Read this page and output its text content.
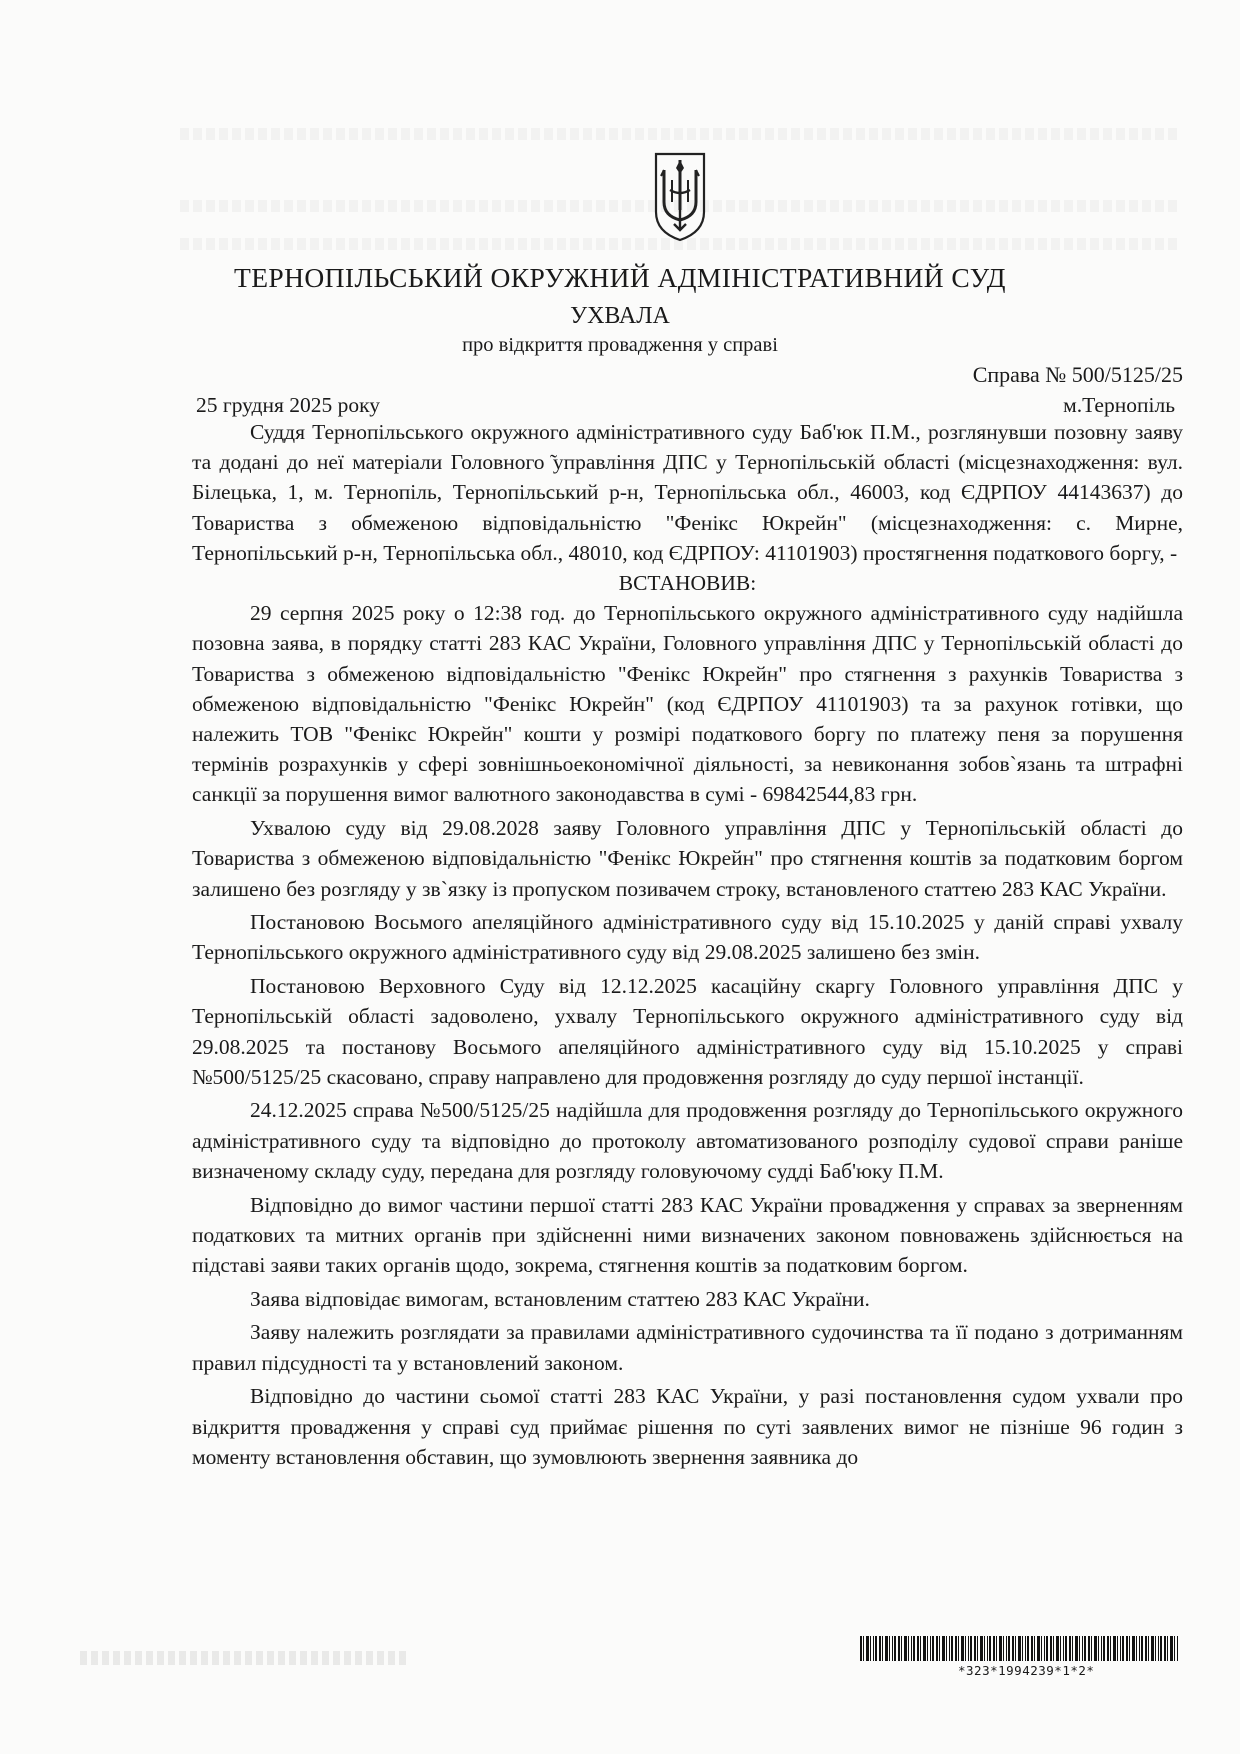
ТЕРНОПІЛЬСЬКИЙ ОКРУЖНИЙ АДМІНІСТРАТИВНИЙ СУД
УХВАЛА
про відкриття провадження у справі
Справа № 500/5125/25
25 грудня 2025 року	м.Тернопіль

Суддя Тернопільського окружного адміністративного суду Баб'юк П.М., розглянувши позовну заяву та додані до неї матеріали Головного ̃управління ДПС у Тернопільській області (місцезнаходження: вул. Білецька, 1, м. Тернопіль, Тернопільський р-н, Тернопільська обл., 46003, код ЄДРПОУ 44143637) до Товариства з обмеженою відповідальністю "Фенікс Юкрейн" (місцезнаходження: с. Мирне, Тернопільський р-н, Тернопільська обл., 48010, код ЄДРПОУ: 41101903) простягнення податкового боргу, -

ВСТАНОВИВ:

29 серпня 2025 року о 12:38 год. до Тернопільського окружного адміністративного суду надійшла позовна заява, в порядку статті 283 КАС України, Головного управління ДПС у Тернопільській області до Товариства з обмеженою відповідальністю "Фенікс Юкрейн" про стягнення з рахунків Товариства з обмеженою відповідальністю "Фенікс Юкрейн" (код ЄДРПОУ 41101903) та за рахунок готівки, що належить ТОВ "Фенікс Юкрейн" кошти у розмірі податкового боргу по платежу пеня за порушення термінів розрахунків у сфері зовнішньоекономічної діяльності, за невиконання зобов`язань та штрафні санкції за порушення вимог валютного законодавства в сумі - 69842544,83 грн.

Ухвалою суду від 29.08.2028 заяву Головного управління ДПС у Тернопільській області до Товариства з обмеженою відповідальністю "Фенікс Юкрейн" про стягнення коштів за податковим боргом залишено без розгляду у зв`язку із пропуском позивачем строку, встановленого статтею 283 КАС України.

Постановою Восьмого апеляційного адміністративного суду від 15.10.2025 у даній справі ухвалу Тернопільського окружного адміністративного суду від 29.08.2025 залишено без змін.

Постановою Верховного Суду від 12.12.2025 касаційну скаргу Головного управління ДПС у Тернопільській області задоволено, ухвалу Тернопільського окружного адміністративного суду від 29.08.2025 та постанову Восьмого апеляційного адміністративного суду від 15.10.2025 у справі №500/5125/25 скасовано, справу направлено для продовження розгляду до суду першої інстанції.

24.12.2025 справа №500/5125/25 надійшла для продовження розгляду до Тернопільського окружного адміністративного суду та відповідно до протоколу автоматизованого розподілу судової справи раніше визначеному складу суду, передана для розгляду головуючому судді Баб'юку П.М.

Відповідно до вимог частини першої статті 283 КАС України провадження у справах за зверненням податкових та митних органів при здійсненні ними визначених законом повноважень здійснюється на підставі заяви таких органів щодо, зокрема, стягнення коштів за податковим боргом.

Заява відповідає вимогам, встановленим статтею 283 КАС України.

Заяву належить розглядати за правилами адміністративного судочинства та її подано з дотриманням правил підсудності та у встановлений законом.

Відповідно до частини сьомої статті 283 КАС України, у разі постановлення судом ухвали про відкриття провадження у справі суд приймає рішення по суті заявлених вимог не пізніше 96 годин з моменту встановлення обставин, що зумовлюють звернення заявника до

*323*1994239*1*2*
